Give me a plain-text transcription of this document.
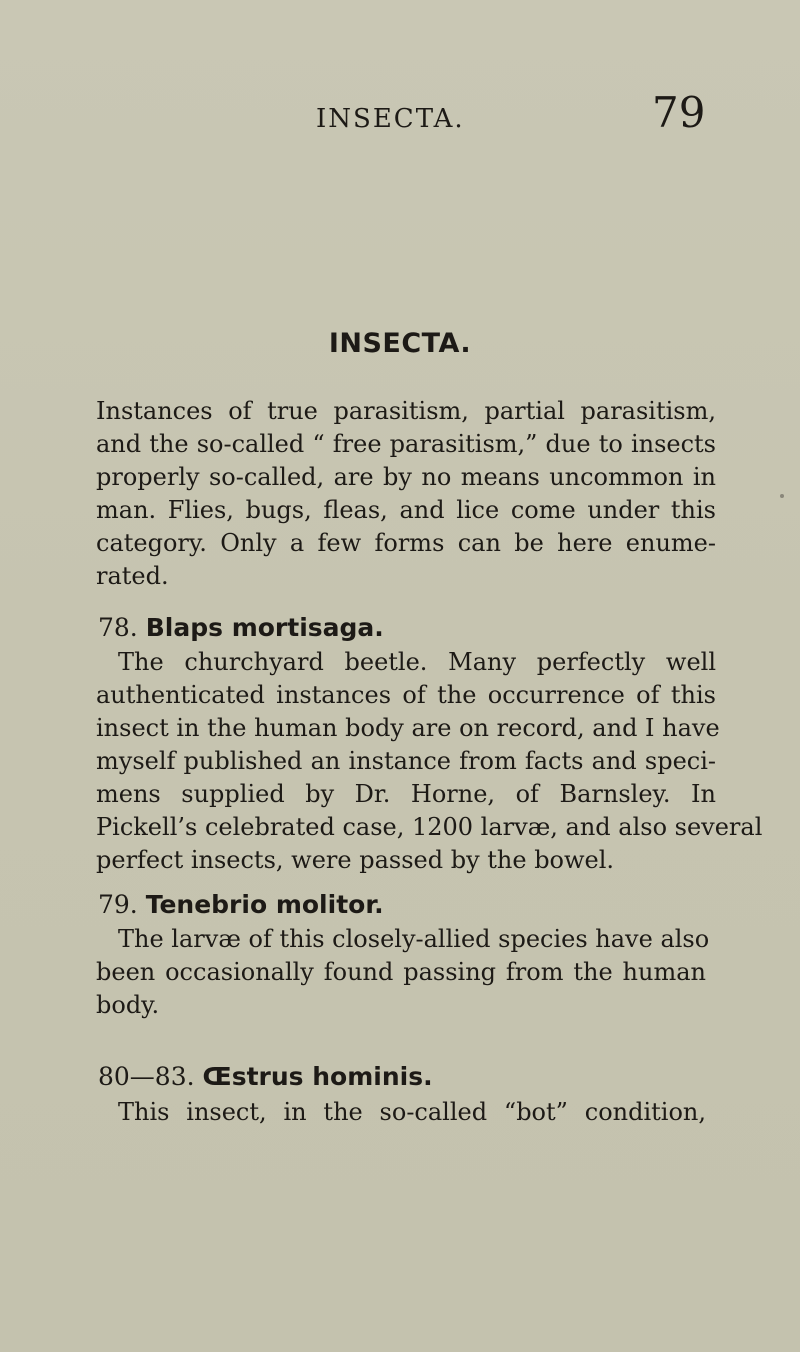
INSECTA.	79
INSECTA.
Instances of true parasitism, partial parasitism,
and the so-called “ free parasitism,” due to insects
properly so-called, are by no means uncommon in
man. Flies, bugs, fleas, and lice come under this
category. Only a few forms can be here enume-
rated.
78. Blaps mortisaga.
The churchyard beetle. Many perfectly well
authenticated instances of the occurrence of this
insect in the human body are on record, and I have
myself published an instance from facts and speci-
mens supplied by Dr. Horne, of Barnsley. In
Pickell’s celebrated case, 1200 larvæ, and also several
perfect insects, were passed by the bowel.
79. Tenebrio molitor.
The larvæ of this closely-allied species have also
been occasionally found passing from the human
body.
80—83. Œstrus hominis.
This insect, in the so-called “bot” condition,
